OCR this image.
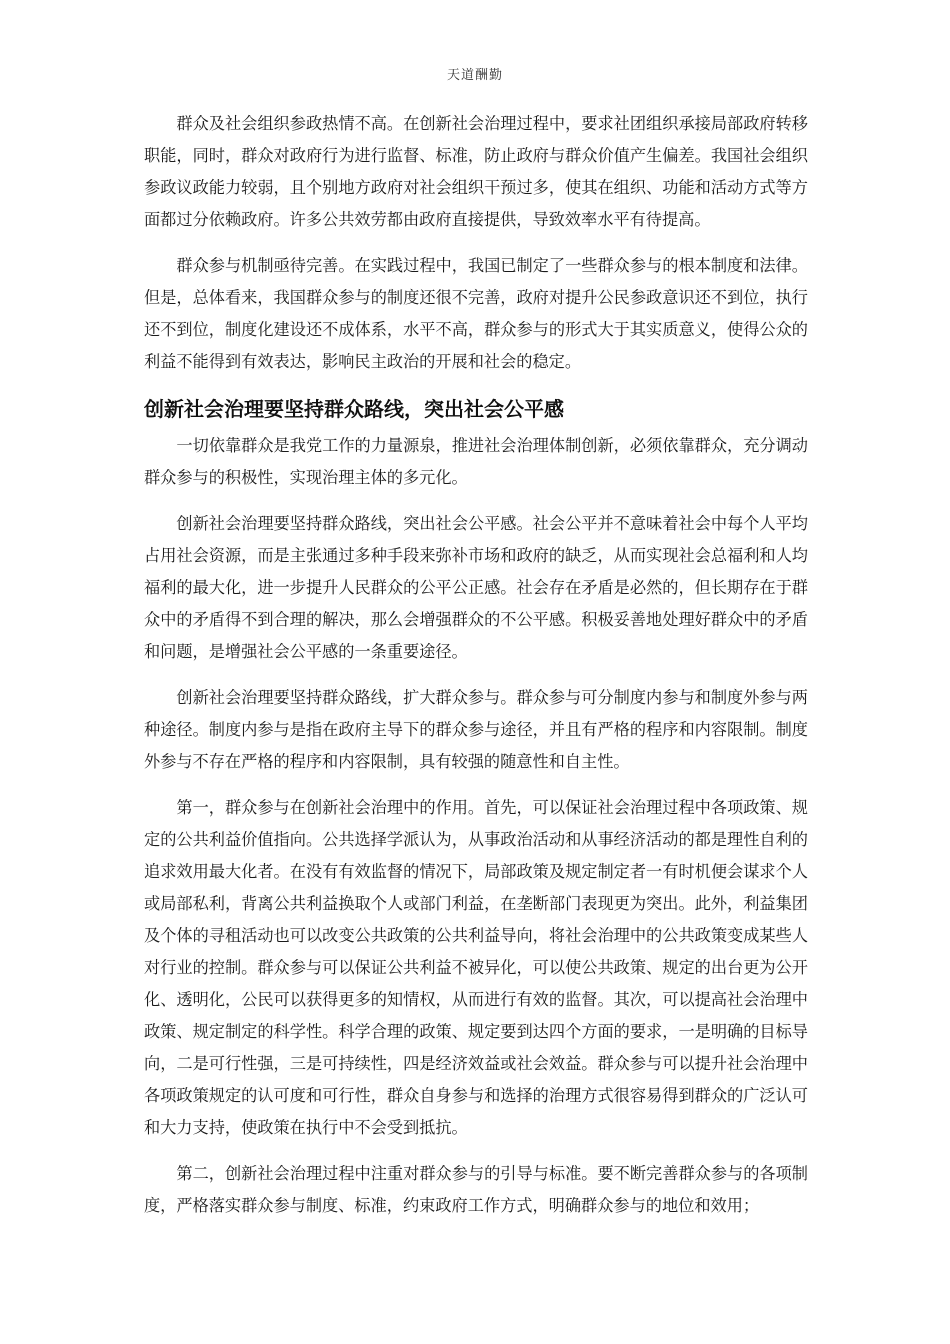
天道酬勤

群众及社会组织参政热情不高。在创新社会治理过程中，要求社团组织承接局部政府转移职能，同时，群众对政府行为进行监督、标准，防止政府与群众价值产生偏差。我国社会组织参政议政能力较弱，且个别地方政府对社会组织干预过多，使其在组织、功能和活动方式等方面都过分依赖政府。许多公共效劳都由政府直接提供，导致效率水平有待提高。

群众参与机制亟待完善。在实践过程中，我国已制定了一些群众参与的根本制度和法律。但是，总体看来，我国群众参与的制度还很不完善，政府对提升公民参政意识还不到位，执行还不到位，制度化建设还不成体系，水平不高，群众参与的形式大于其实质意义，使得公众的利益不能得到有效表达，影响民主政治的开展和社会的稳定。

创新社会治理要坚持群众路线，突出社会公平感

一切依靠群众是我党工作的力量源泉，推进社会治理体制创新，必须依靠群众，充分调动群众参与的积极性，实现治理主体的多元化。

创新社会治理要坚持群众路线，突出社会公平感。社会公平并不意味着社会中每个人平均占用社会资源，而是主张通过多种手段来弥补市场和政府的缺乏，从而实现社会总福利和人均福利的最大化，进一步提升人民群众的公平公正感。社会存在矛盾是必然的，但长期存在于群众中的矛盾得不到合理的解决，那么会增强群众的不公平感。积极妥善地处理好群众中的矛盾和问题，是增强社会公平感的一条重要途径。

创新社会治理要坚持群众路线，扩大群众参与。群众参与可分制度内参与和制度外参与两种途径。制度内参与是指在政府主导下的群众参与途径，并且有严格的程序和内容限制。制度外参与不存在严格的程序和内容限制，具有较强的随意性和自主性。

第一，群众参与在创新社会治理中的作用。首先，可以保证社会治理过程中各项政策、规定的公共利益价值指向。公共选择学派认为，从事政治活动和从事经济活动的都是理性自利的追求效用最大化者。在没有有效监督的情况下，局部政策及规定制定者一有时机便会谋求个人或局部私利，背离公共利益换取个人或部门利益，在垄断部门表现更为突出。此外，利益集团及个体的寻租活动也可以改变公共政策的公共利益导向，将社会治理中的公共政策变成某些人对行业的控制。群众参与可以保证公共利益不被异化，可以使公共政策、规定的出台更为公开化、透明化，公民可以获得更多的知情权，从而进行有效的监督。其次，可以提高社会治理中政策、规定制定的科学性。科学合理的政策、规定要到达四个方面的要求，一是明确的目标导向，二是可行性强，三是可持续性，四是经济效益或社会效益。群众参与可以提升社会治理中各项政策规定的认可度和可行性，群众自身参与和选择的治理方式很容易得到群众的广泛认可和大力支持，使政策在执行中不会受到抵抗。

第二，创新社会治理过程中注重对群众参与的引导与标准。要不断完善群众参与的各项制度，严格落实群众参与制度、标准，约束政府工作方式，明确群众参与的地位和效用；
